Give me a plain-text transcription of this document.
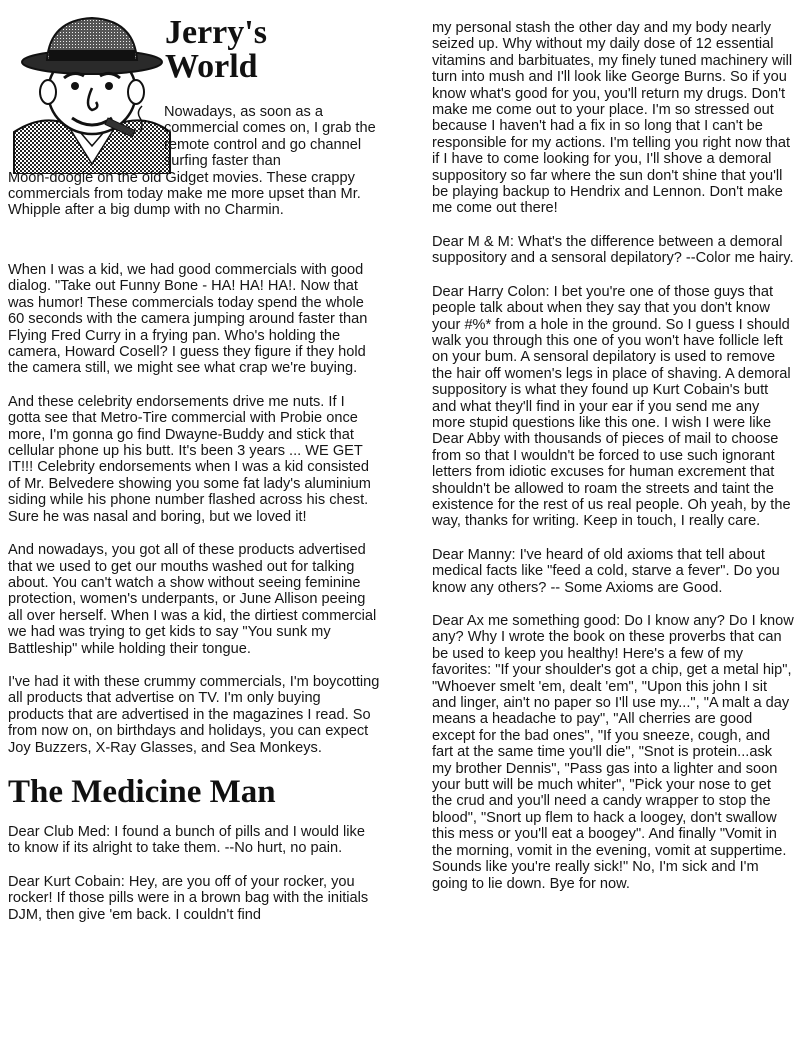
Jerry's
World
Nowadays, as soon as a commercial comes on, I grab the remote control and go channel surfing faster than
Moon-doogie on the old Gidget movies. These crappy commercials from today make me more upset than Mr. Whipple after a big dump with no Charmin.

When I was a kid, we had good commercials with good dialog. "Take out Funny Bone - HA! HA! HA!. Now that was humor! These commercials today spend the whole 60 seconds with the camera jumping around faster than Flying Fred Curry in a frying pan. Who's holding the camera, Howard Cosell? I guess they figure if they hold the camera still, we might see what crap we're buying.

And these celebrity endorsements drive me nuts. If I gotta see that Metro-Tire commercial with Probie once more, I'm gonna go find Dwayne-Buddy and stick that cellular phone up his butt. It's been 3 years ... WE GET IT!!! Celebrity endorsements when I was a kid consisted of Mr. Belvedere showing you some fat lady's aluminium siding while his phone number flashed across his chest. Sure he was nasal and boring, but we loved it!

And nowadays, you got all of these products advertised that we used to get our mouths washed out for talking about. You can't watch a show without seeing feminine protection, women's underpants, or June Allison peeing all over herself. When I was a kid, the dirtiest commercial we had was trying to get kids to say "You sunk my Battleship" while holding their tongue.

I've had it with these crummy commercials, I'm boycotting all products that advertise on TV. I'm only buying products that are advertised in the magazines I read. So from now on, on birthdays and holidays, you can expect Joy Buzzers, X-Ray Glasses, and Sea Monkeys.

The Medicine Man

Dear Club Med: I found a bunch of pills and I would like to know if its alright to take them. --No hurt, no pain.

Dear Kurt Cobain: Hey, are you off of your rocker, you rocker! If those pills were in a brown bag with the initials DJM, then give 'em back. I couldn't find

my personal stash the other day and my body nearly seized up. Why without my daily dose of 12 essential vitamins and barbituates, my finely tuned machinery will turn into mush and I'll look like George Burns. So if you know what's good for you, you'll return my drugs. Don't make me come out to your place. I'm so stressed out because I haven't had a fix in so long that I can't be responsible for my actions. I'm telling you right now that if I have to come looking for you, I'll shove a demoral suppository so far where the sun don't shine that you'll be playing backup to Hendrix and Lennon. Don't make me come out there!

Dear M & M: What's the difference between a demoral suppository and a sensoral depilatory? --Color me hairy.

Dear Harry Colon: I bet you're one of those guys that people talk about when they say that you don't know your #%* from a hole in the ground. So I guess I should walk you through this one of you won't have follicle left on your bum. A sensoral depilatory is used to remove the hair off women's legs in place of shaving. A demoral suppository is what they found up Kurt Cobain's butt and what they'll find in your ear if you send me any more stupid questions like this one. I wish I were like Dear Abby with thousands of pieces of mail to choose from so that I wouldn't be forced to use such ignorant letters from idiotic excuses for human excrement that shouldn't be allowed to roam the streets and taint the existence for the rest of us real people. Oh yeah, by the way, thanks for writing. Keep in touch, I really care.

Dear Manny: I've heard of old axioms that tell about medical facts like "feed a cold, starve a fever". Do you know any others? -- Some Axioms are Good.

Dear Ax me something good: Do I know any? Do I know any? Why I wrote the book on these proverbs that can be used to keep you healthy! Here's a few of my favorites: "If your shoulder's got a chip, get a metal hip", "Whoever smelt 'em, dealt 'em", "Upon this john I sit and linger, ain't no paper so I'll use my...", "A malt a day means a headache to pay", "All cherries are good except for the bad ones", "If you sneeze, cough, and fart at the same time you'll die", "Snot is protein...ask my brother Dennis", "Pass gas into a lighter and soon your butt will be much whiter", "Pick your nose to get the crud and you'll need a candy wrapper to stop the blood", "Snort up flem to hack a loogey, don't swallow this mess or you'll eat a boogey". And finally "Vomit in the morning, vomit in the evening, vomit at suppertime. Sounds like you're really sick!" No, I'm sick and I'm going to lie down. Bye for now.
